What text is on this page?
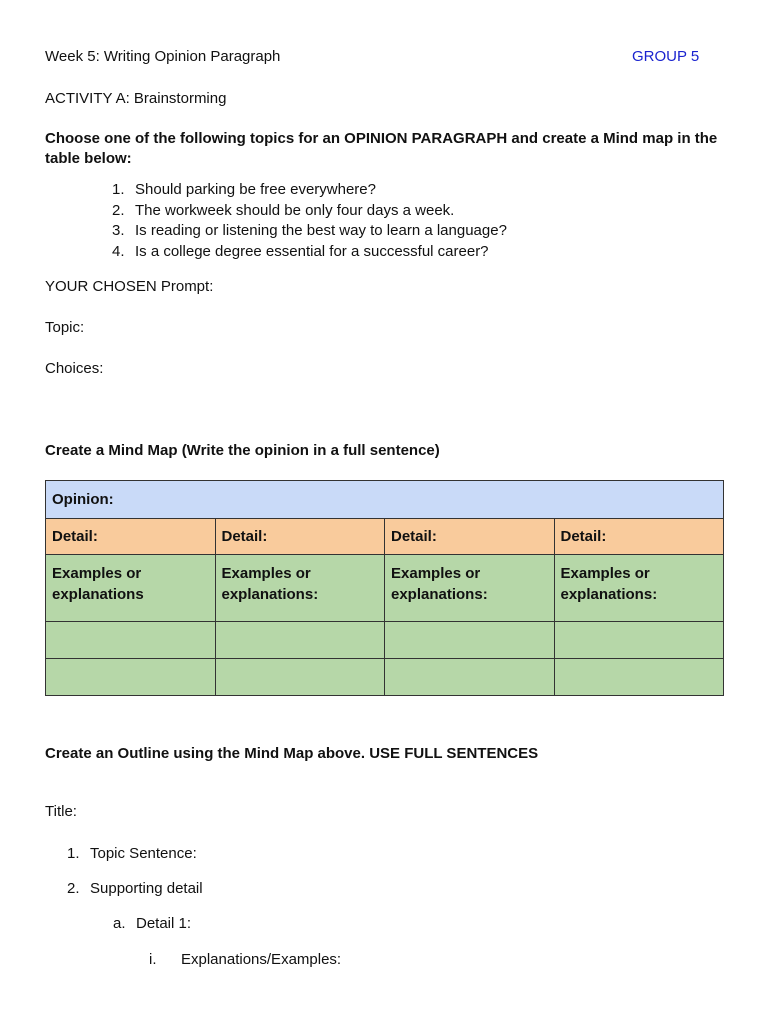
Week 5: Writing Opinion Paragraph	GROUP 5
ACTIVITY A: Brainstorming
Choose one of the following topics for an OPINION PARAGRAPH and create a Mind map in the table below:
1. Should parking be free everywhere?
2. The workweek should be only four days a week.
3. Is reading or listening the best way to learn a language?
4. Is a college degree essential for a successful career?
YOUR CHOSEN Prompt:
Topic:
Choices:
Create a Mind Map (Write the opinion in a full sentence)
Opinion:			
Detail:	Detail:	Detail:	Detail:
Examples or explanations	Examples or explanations:	Examples or explanations:	Examples or explanations:

Create an Outline using the Mind Map above. USE FULL SENTENCES
Title:
1. Topic Sentence:
2. Supporting detail
a. Detail 1:
i. Explanations/Examples:
